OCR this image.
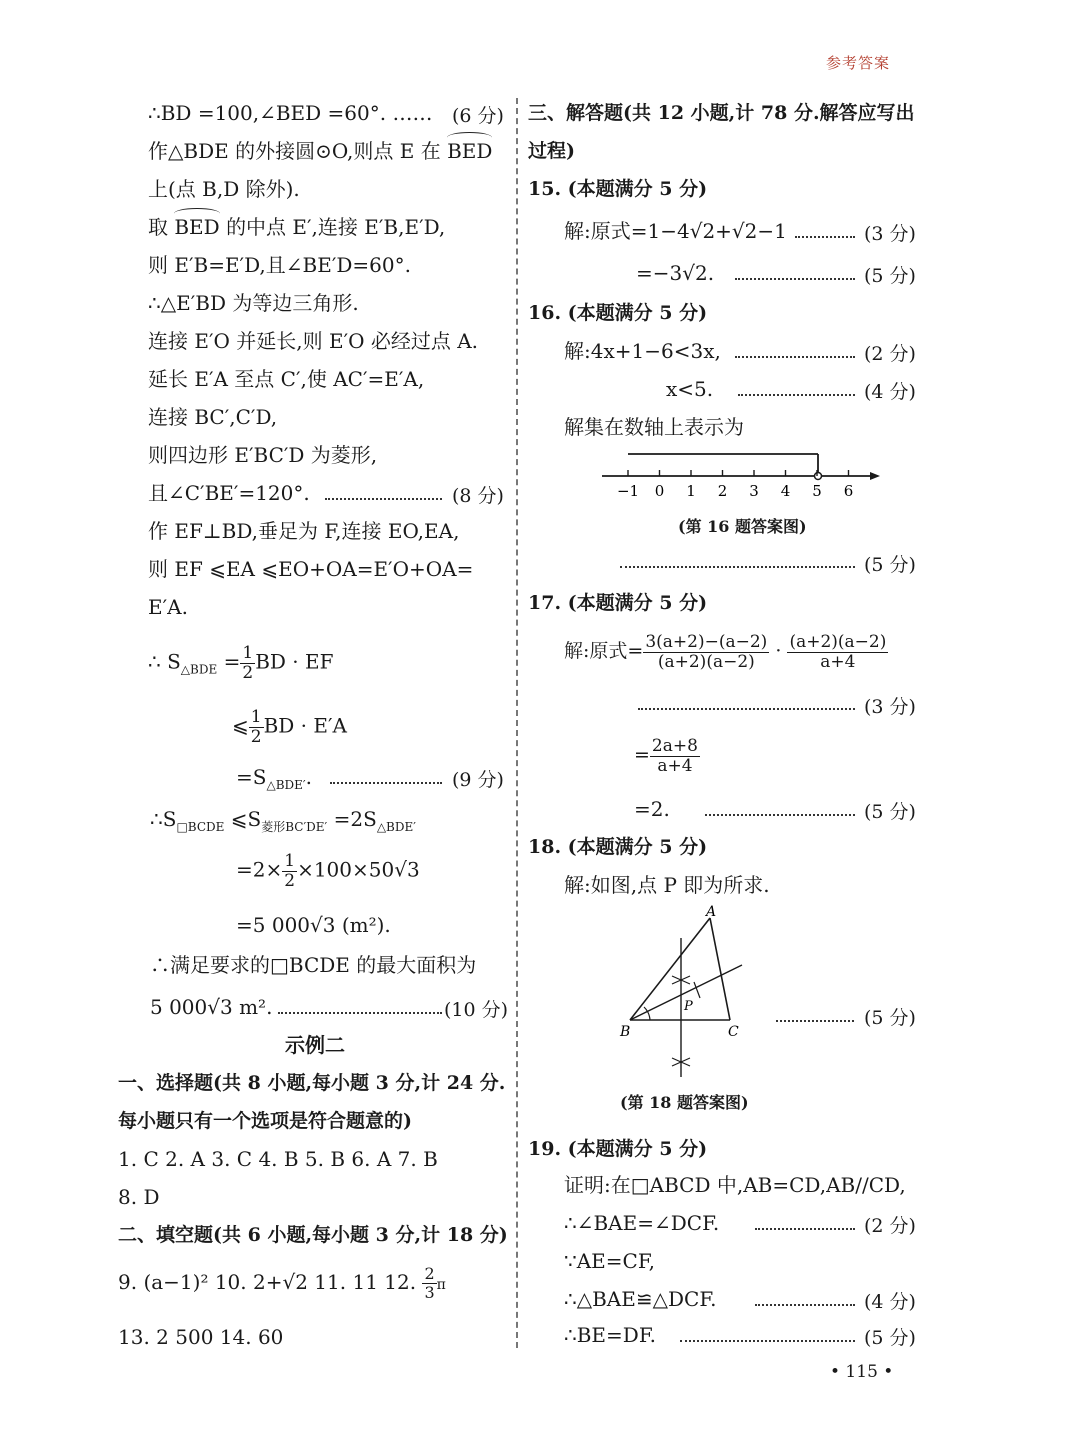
参考答案
∴BD =100,∠BED =60°. …… (6 分)
作△BDE 的外接圆⊙O,则点 E 在 BED
上(点 B,D 除外).
取 BED 的中点 E′,连接 E′B,E′D,
则 E′B=E′D,且∠BE′D=60°.
∴△E′BD 为等边三角形.
连接 E′O 并延长,则 E′O 必经过点 A.
延长 E′A 至点 C′,使 AC′=E′A,
连接 BC′,C′D,
则四边形 E′BC′D 为菱形,
且∠C′BE′=120°.	(8 分)
作 EF⊥BD,垂足为 F,连接 EO,EA,
则 EF ⩽EA ⩽EO+OA=E′O+OA=
E′A.
∴ $S_{\triangle BDE} = \frac{1}{2}$ BD · EF
⩽ $\frac{1}{2}$ BD · E′A
$=S_{\triangle BDE'}$.	(9 分)
$\therefore S_{□BCDE}$ $⩽S_{菱形BC'DE'} =2S_{\triangle BDE'}$
$=2\times \frac{1}{2} \times 100\times 50√3$
=5 000√3 (m²).
∴满足要求的□BCDE 的最大面积为
5 000√3 m².	(10 分)
示例二
一、选择题(共 8 小题,每小题 3 分,计 24 分.
每小题只有一个选项是符合题意的)
1. C 2. A 3. C 4. B 5. B 6. A 7. B
8. D
二、填空题(共 6 小题,每小题 3 分,计 18 分)
9. (a−1)² 10. 2+√2 11. 11 12. $\frac{2}{3}$ π
13. 2 500 14. 60
三、解答题(共 12 小题,计 78 分.解答应写出
过程)
15. (本题满分 5 分)
解:原式=1−4√2+√2−1	(3 分)
=−3√2.	(5 分)
16. (本题满分 5 分)
解:4x+1−6<3x,	(2 分)
x<5.	(4 分)
解集在数轴上表示为
−1 0 1 2 3 4 5 6
(第 16 题答案图)
(5 分)
17. (本题满分 5 分)
解:原式= $\frac{3(a+2)-(a-2)}{(a+2)(a-2)} \cdot \frac{(a+2)(a-2)}{a+4}$
(3 分)
= $\frac{2a+8}{a+4}$
=2.	(5 分)
18. (本题满分 5 分)
解:如图,点 P 即为所求.
A
B	C
P
(5 分)
(第 18 题答案图)
19. (本题满分 5 分)
证明:在□ABCD 中,AB=CD,AB//CD,
∴∠BAE=∠DCF.	(2 分)
∵AE=CF,
∴△BAE≌△DCF.	(4 分)
∴BE=DF.	(5 分)
• 115 •
